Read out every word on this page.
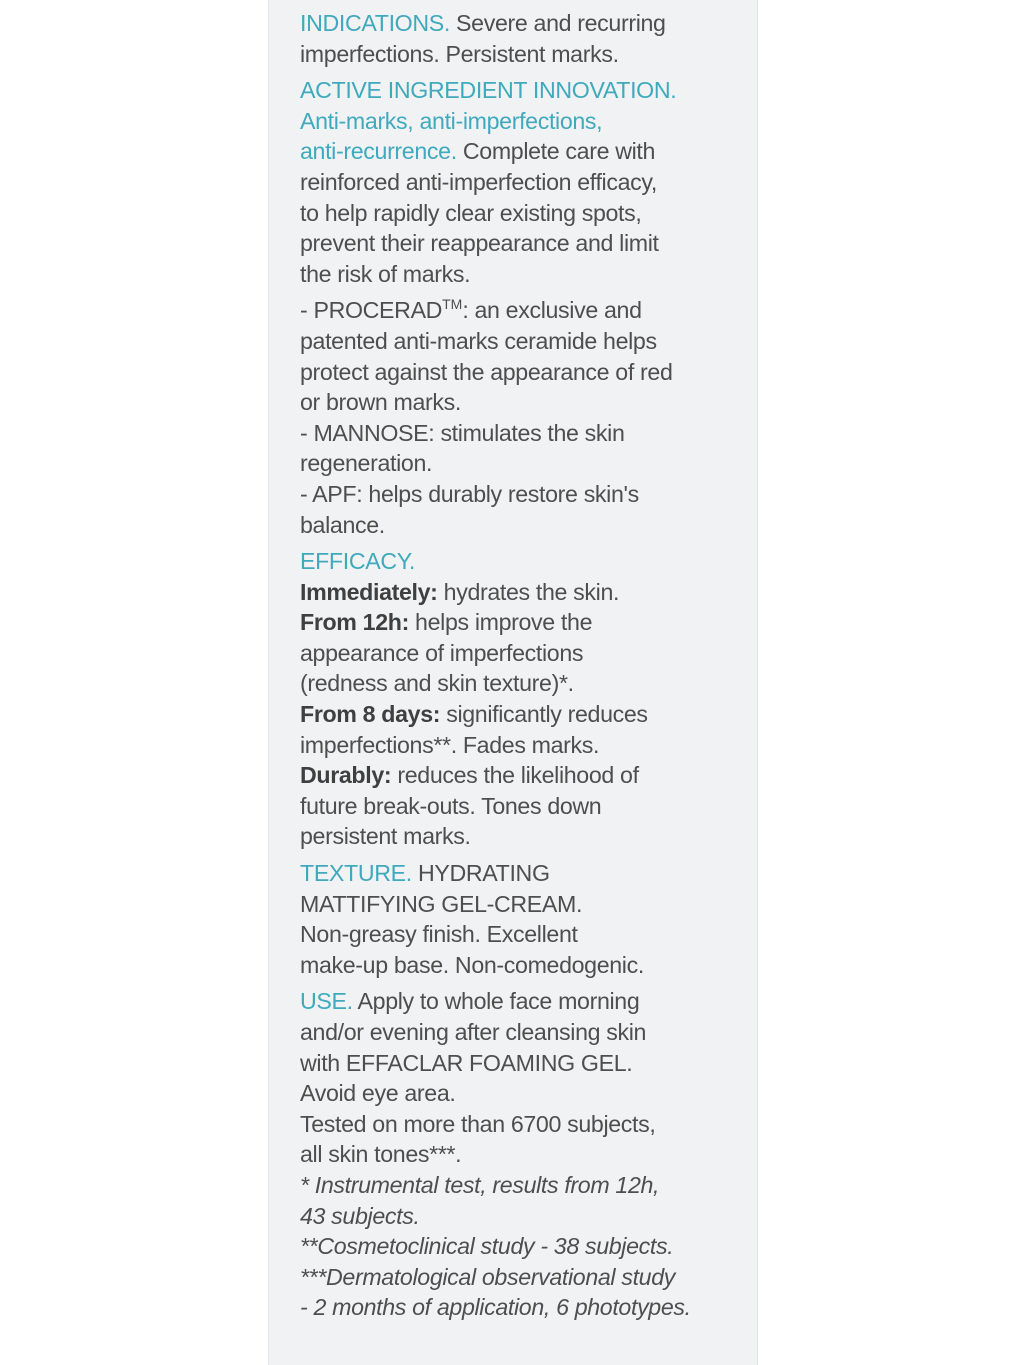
INDICATIONS. Severe and recurring
imperfections. Persistent marks.
ACTIVE INGREDIENT INNOVATION.
Anti-marks, anti-imperfections,
anti-recurrence. Complete care with
reinforced anti-imperfection efficacy,
to help rapidly clear existing spots,
prevent their reappearance and limit
the risk of marks.
- PROCERAD™: an exclusive and
patented anti-marks ceramide helps
protect against the appearance of red
or brown marks.
- MANNOSE: stimulates the skin
regeneration.
- APF: helps durably restore skin's
balance.
EFFICACY.
Immediately: hydrates the skin.
From 12h: helps improve the
appearance of imperfections
(redness and skin texture)*.
From 8 days: significantly reduces
imperfections**. Fades marks.
Durably: reduces the likelihood of
future break-outs. Tones down
persistent marks.
TEXTURE. HYDRATING
MATTIFYING GEL-CREAM.
Non-greasy finish. Excellent
make-up base. Non-comedogenic.
USE. Apply to whole face morning
and/or evening after cleansing skin
with EFFACLAR FOAMING GEL.
Avoid eye area.
Tested on more than 6700 subjects,
all skin tones***.
* Instrumental test, results from 12h,
43 subjects.
**Cosmetoclinical study - 38 subjects.
***Dermatological observational study
- 2 months of application, 6 phototypes.
